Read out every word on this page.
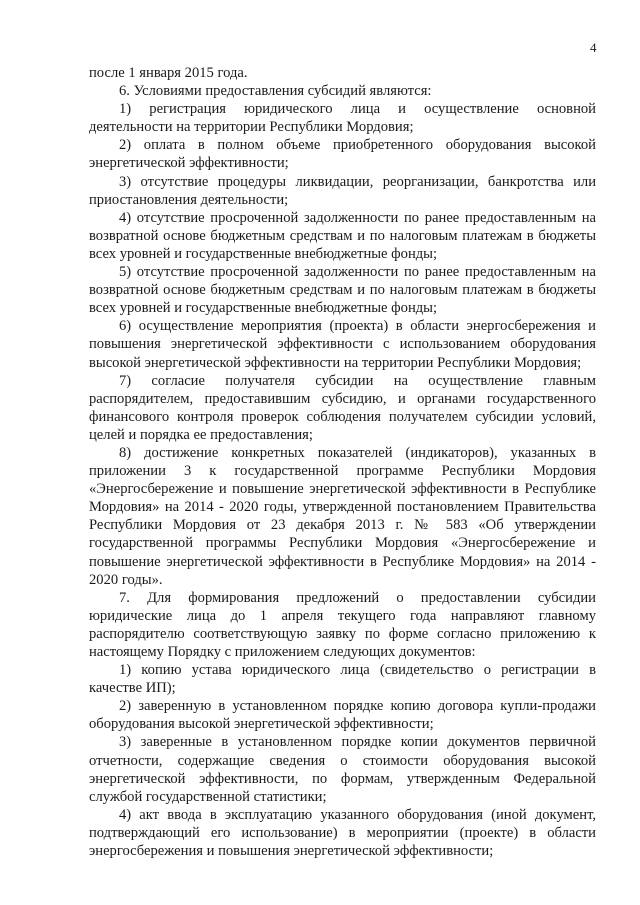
4

после 1 января 2015 года.

6. Условиями предоставления субсидий являются:

1) регистрация юридического лица и осуществление основной деятельности на территории Республики Мордовия;

2) оплата в полном объеме приобретенного оборудования высокой энергетической эффективности;

3) отсутствие процедуры ликвидации, реорганизации, банкротства или приостановления деятельности;

4) отсутствие просроченной задолженности по ранее предоставленным на возвратной основе бюджетным средствам и по налоговым платежам в бюджеты всех уровней и государственные внебюджетные фонды;

5) отсутствие просроченной задолженности по ранее предоставленным на возвратной основе бюджетным средствам и по налоговым платежам в бюджеты всех уровней и государственные внебюджетные фонды;

6) осуществление мероприятия (проекта) в области энергосбережения и повышения энергетической эффективности с использованием оборудования высокой энергетической эффективности на территории Республики Мордовия;

7) согласие получателя субсидии на осуществление главным распорядителем, предоставившим субсидию, и органами государственного финансового контроля проверок соблюдения получателем субсидии условий, целей и порядка ее предоставления;

8) достижение конкретных показателей (индикаторов), указанных в приложении 3 к государственной программе Республики Мордовия «Энергосбережение и повышение энергетической эффективности в Республике Мордовия» на 2014 - 2020 годы, утвержденной постановлением Правительства Республики Мордовия от 23 декабря 2013 г. № 583 «Об утверждении государственной программы Республики Мордовия «Энергосбережение и повышение энергетической эффективности в Республике Мордовия» на 2014 - 2020 годы».

7. Для формирования предложений о предоставлении субсидии юридические лица до 1 апреля текущего года направляют главному распорядителю соответствующую заявку по форме согласно приложению к настоящему Порядку с приложением следующих документов:

1) копию устава юридического лица (свидетельство о регистрации в качестве ИП);

2) заверенную в установленном порядке копию договора купли-продажи оборудования высокой энергетической эффективности;

3) заверенные в установленном порядке копии документов первичной отчетности, содержащие сведения о стоимости оборудования высокой энергетической эффективности, по формам, утвержденным Федеральной службой государственной статистики;

4) акт ввода в эксплуатацию указанного оборудования (иной документ, подтверждающий его использование) в мероприятии (проекте) в области энергосбережения и повышения энергетической эффективности;
